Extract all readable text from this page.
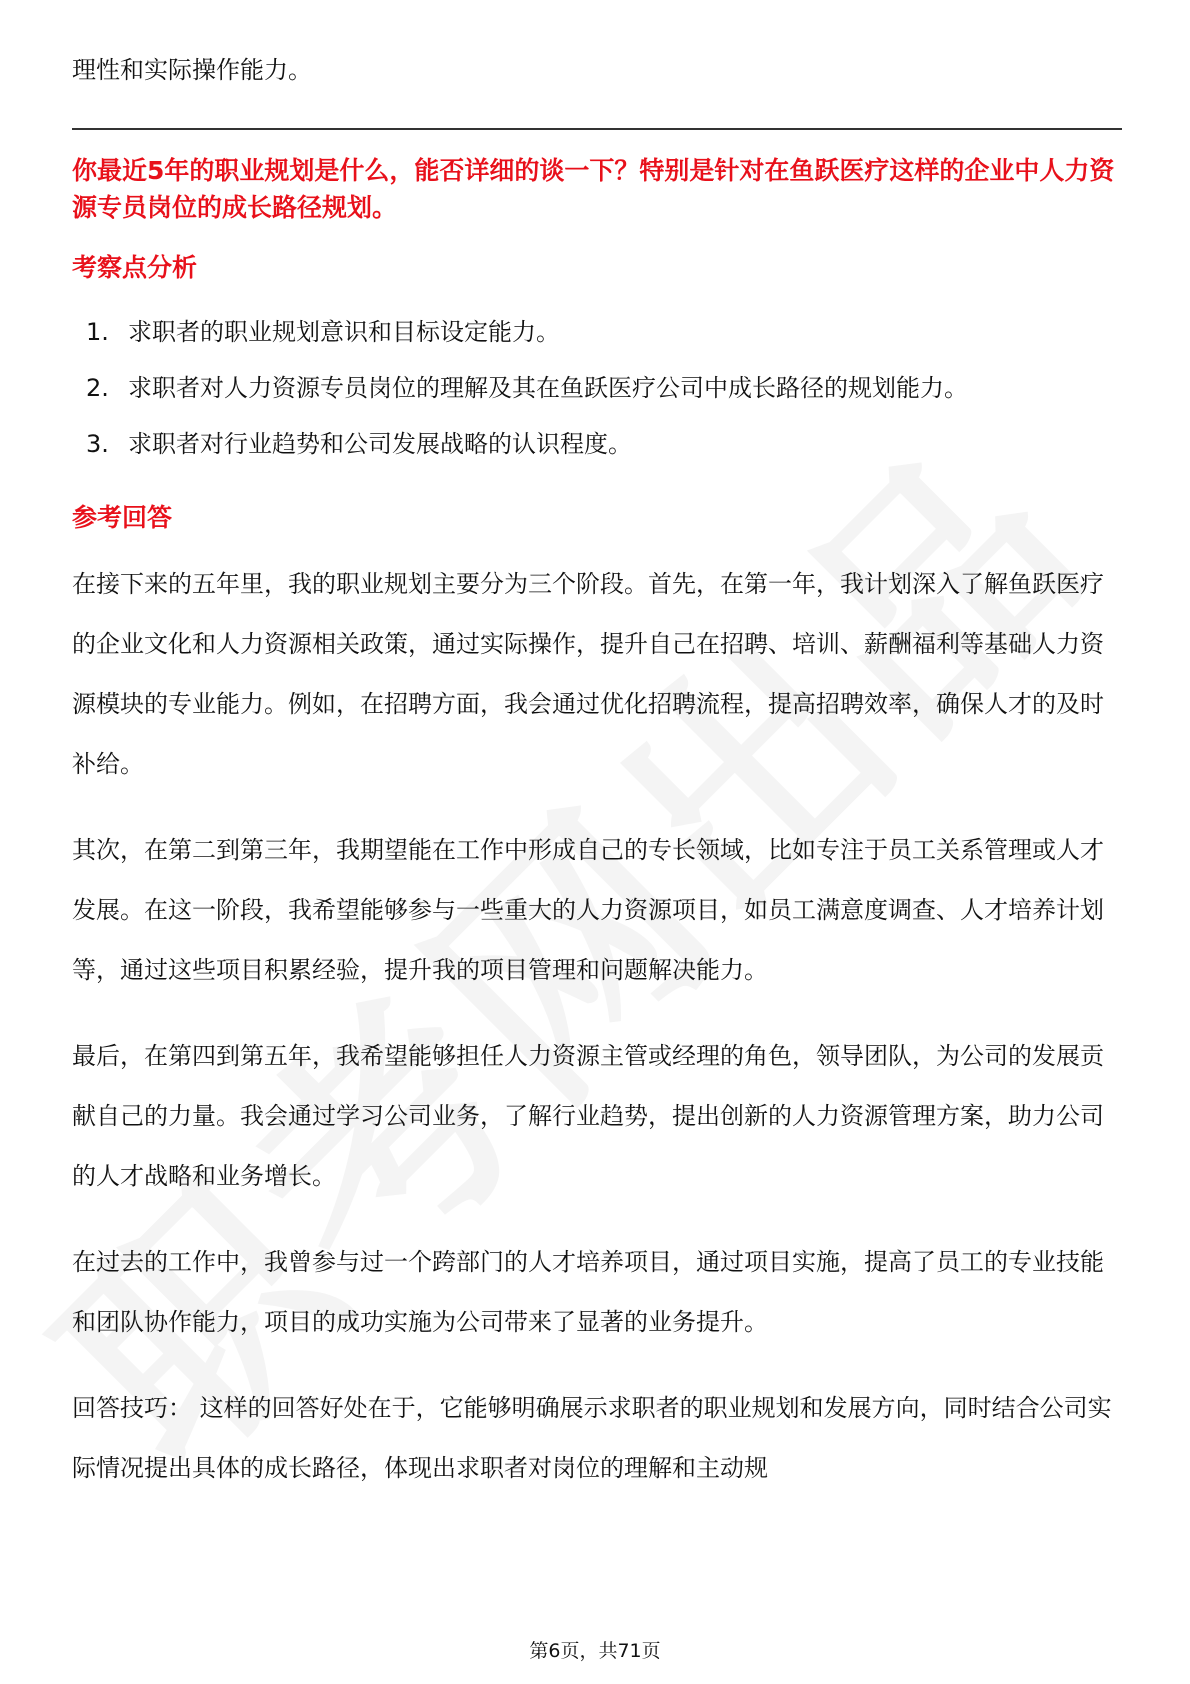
理性和实际操作能力。

你最近5年的职业规划是什么，能否详细的谈一下？特别是针对在鱼跃医疗这样的企业中人力资源专员岗位的成长路径规划。

考察点分析
1. 求职者的职业规划意识和目标设定能力。
2. 求职者对人力资源专员岗位的理解及其在鱼跃医疗公司中成长路径的规划能力。
3. 求职者对行业趋势和公司发展战略的认识程度。
参考回答

在接下来的五年里，我的职业规划主要分为三个阶段。首先，在第一年，我计划深入了解鱼跃医疗的企业文化和人力资源相关政策，通过实际操作，提升自己在招聘、培训、薪酬福利等基础人力资源模块的专业能力。例如，在招聘方面，我会通过优化招聘流程，提高招聘效率，确保人才的及时补给。

其次，在第二到第三年，我期望能在工作中形成自己的专长领域，比如专注于员工关系管理或人才发展。在这一阶段，我希望能够参与一些重大的人力资源项目，如员工满意度调查、人才培养计划等，通过这些项目积累经验，提升我的项目管理和问题解决能力。

最后，在第四到第五年，我希望能够担任人力资源主管或经理的角色，领导团队，为公司的发展贡献自己的力量。我会通过学习公司业务，了解行业趋势，提出创新的人力资源管理方案，助力公司的人才战略和业务增长。

在过去的工作中，我曾参与过一个跨部门的人才培养项目，通过项目实施，提高了员工的专业技能和团队协作能力，项目的成功实施为公司带来了显著的业务提升。

回答技巧： 这样的回答好处在于，它能够明确展示求职者的职业规划和发展方向，同时结合公司实际情况提出具体的成长路径，体现出求职者对岗位的理解和主动规

第6页，共71页
